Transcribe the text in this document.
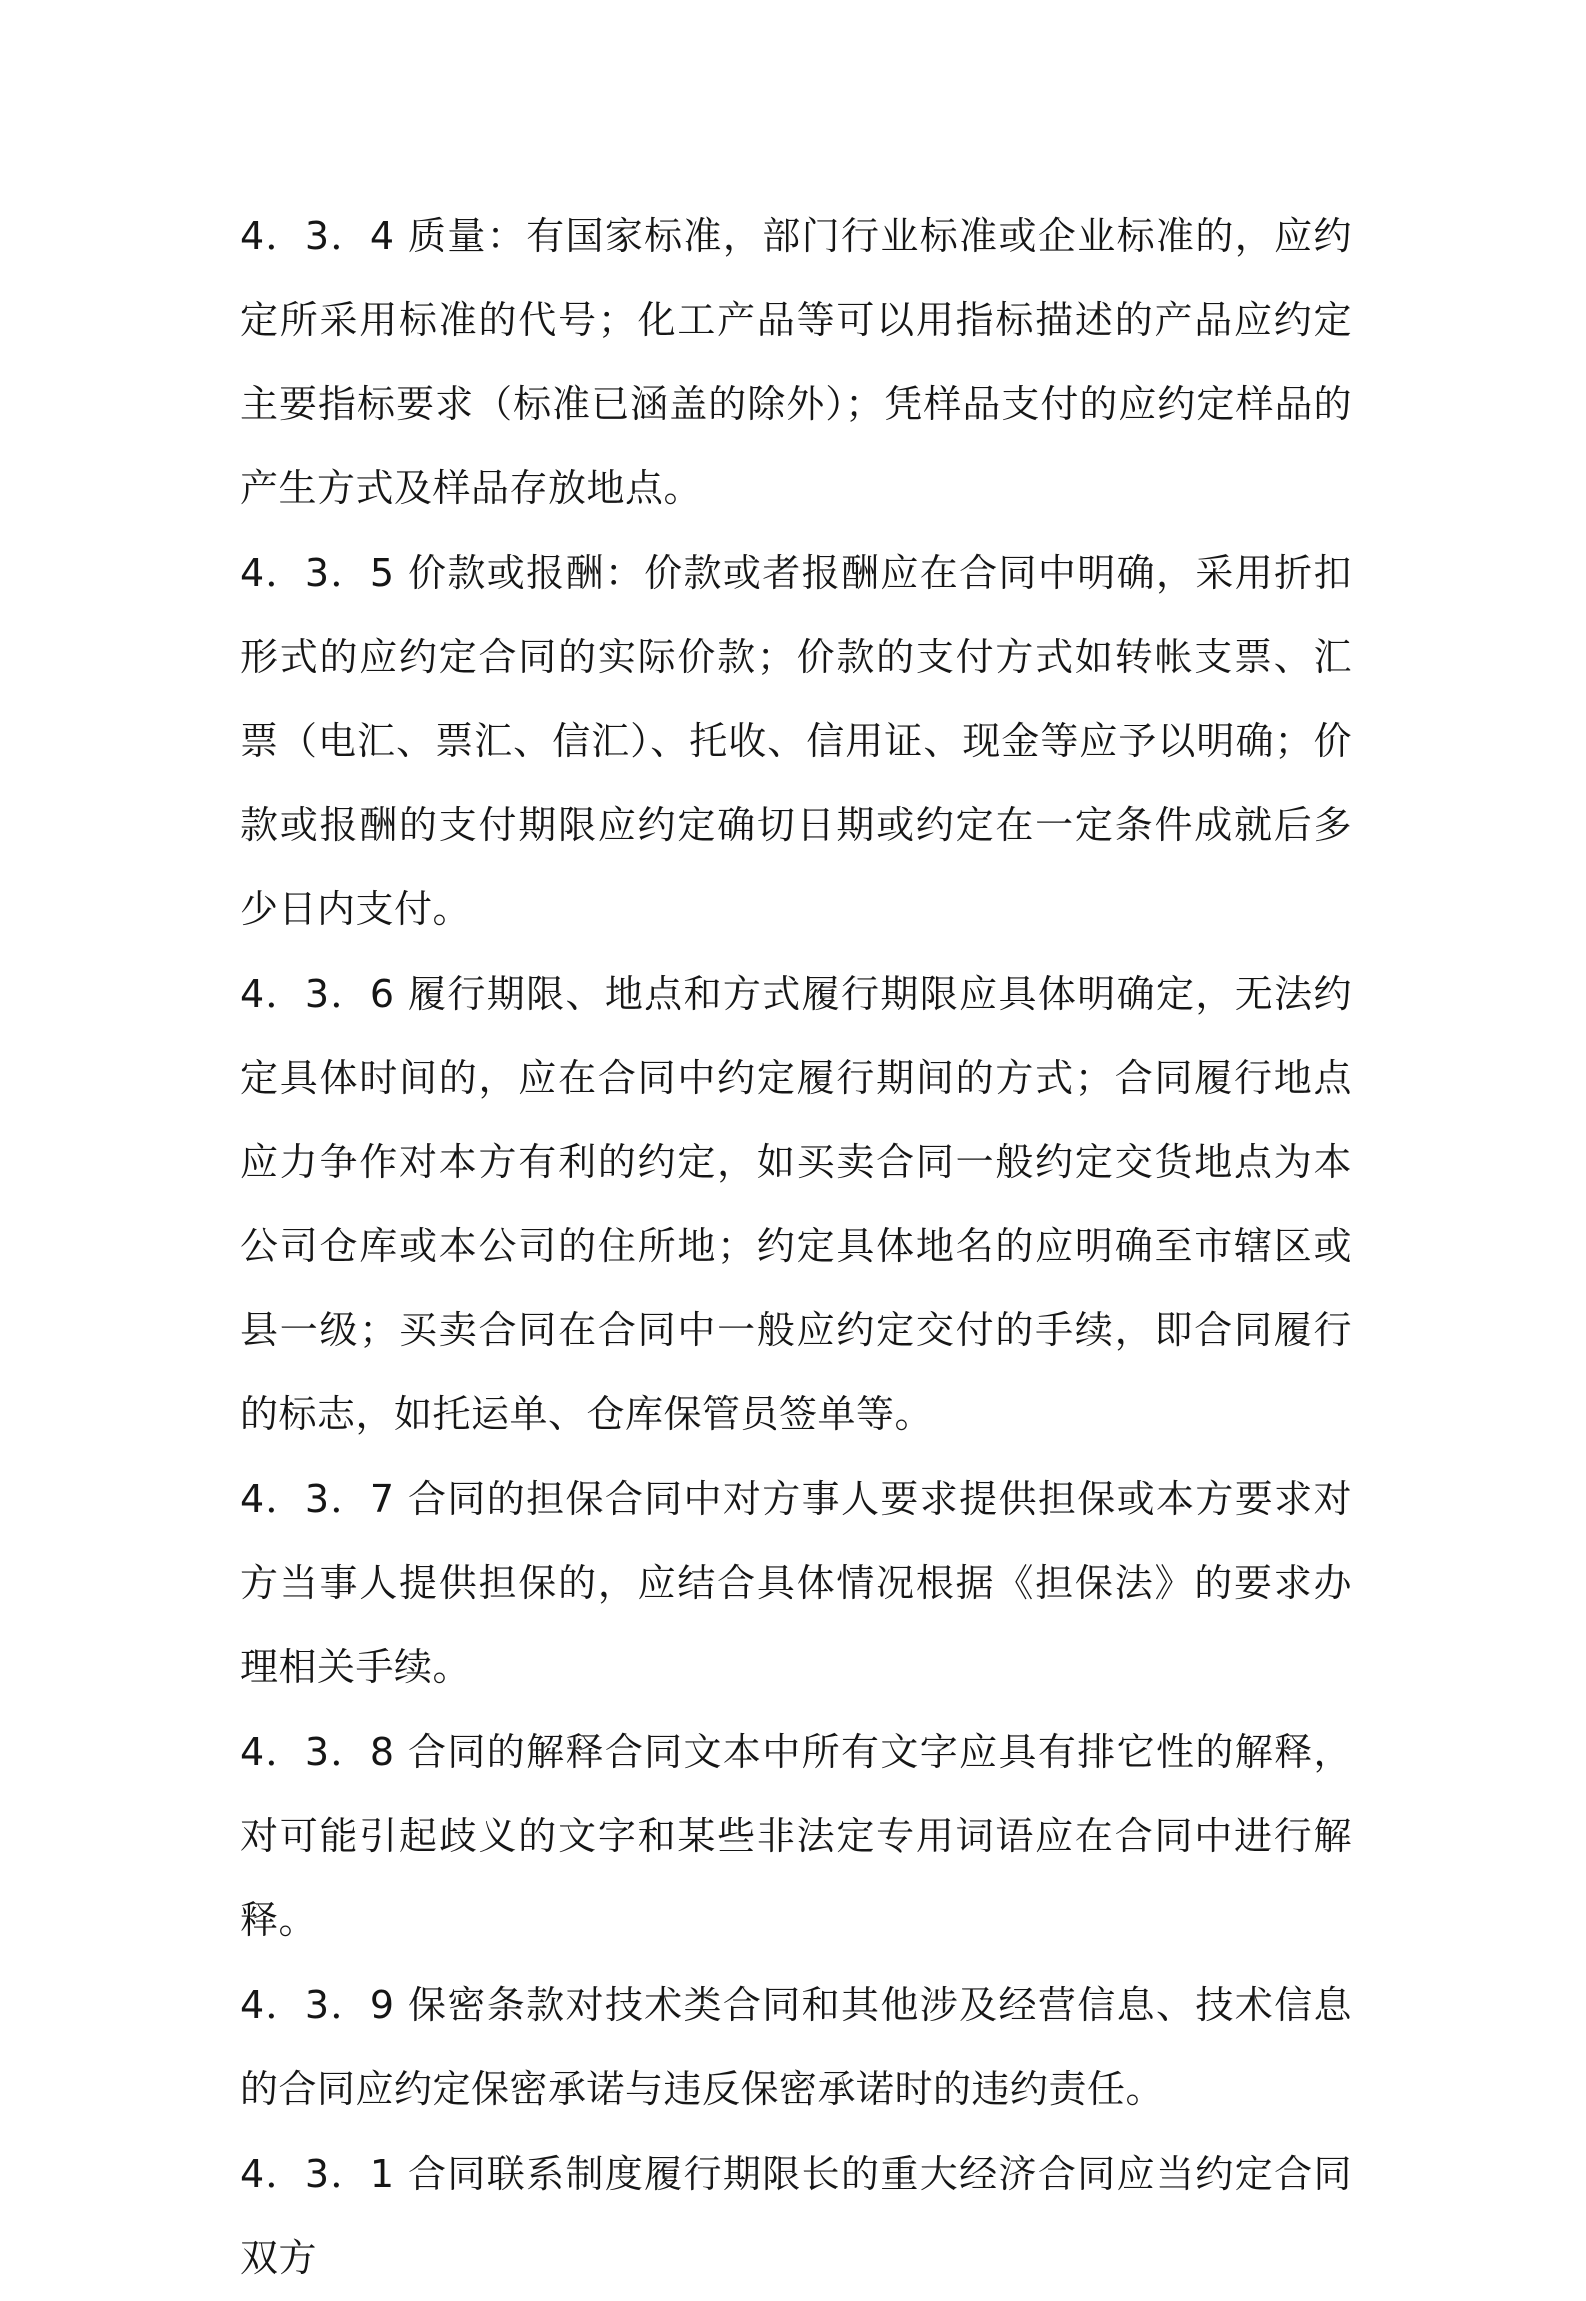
4．3．4 质量：有国家标准，部门行业标准或企业标准的，应约定所采用标准的代号；化工产品等可以用指标描述的产品应约定主要指标要求（标准已涵盖的除外）；凭样品支付的应约定样品的产生方式及样品存放地点。

4．3．5 价款或报酬：价款或者报酬应在合同中明确，采用折扣形式的应约定合同的实际价款；价款的支付方式如转帐支票、汇票（电汇、票汇、信汇）、托收、信用证、现金等应予以明确；价款或报酬的支付期限应约定确切日期或约定在一定条件成就后多少日内支付。

4．3．6 履行期限、地点和方式履行期限应具体明确定，无法约定具体时间的，应在合同中约定履行期间的方式；合同履行地点应力争作对本方有利的约定，如买卖合同一般约定交货地点为本公司仓库或本公司的住所地；约定具体地名的应明确至市辖区或县一级；买卖合同在合同中一般应约定交付的手续，即合同履行的标志，如托运单、仓库保管员签单等。

4．3．7 合同的担保合同中对方事人要求提供担保或本方要求对方当事人提供担保的，应结合具体情况根据《担保法》的要求办理相关手续。

4．3．8 合同的解释合同文本中所有文字应具有排它性的解释，对可能引起歧义的文字和某些非法定专用词语应在合同中进行解释。

4．3．9 保密条款对技术类合同和其他涉及经营信息、技术信息的合同应约定保密承诺与违反保密承诺时的违约责任。

4．3．1 合同联系制度履行期限长的重大经济合同应当约定合同双方
